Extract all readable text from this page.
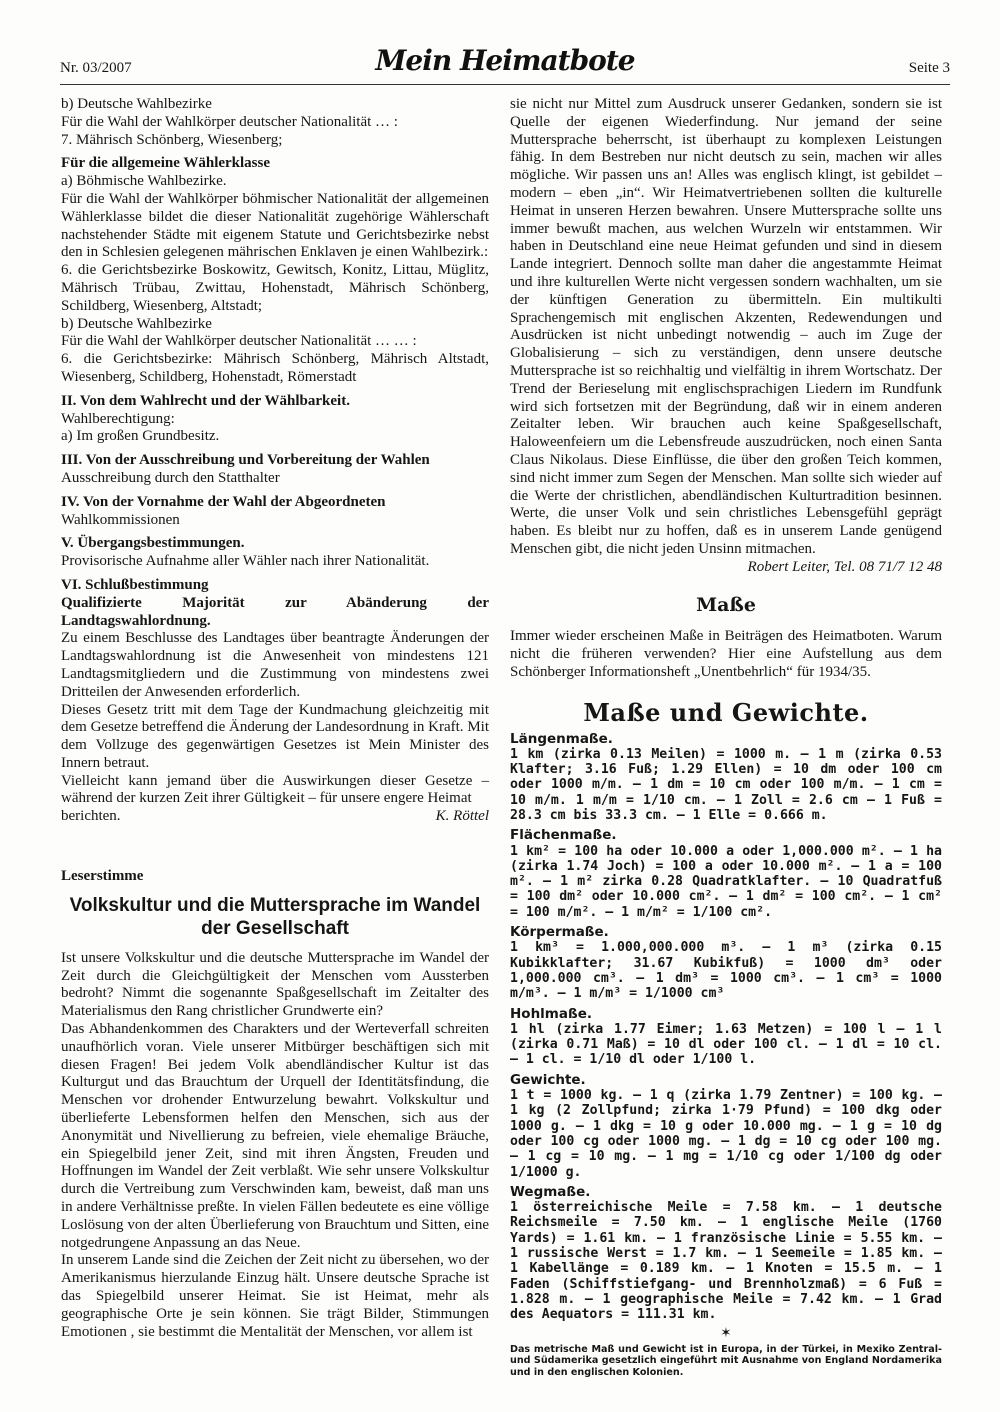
Nr. 03/2007	Mein Heimatbote	Seite 3

b) Deutsche Wahlbezirke

Für die Wahl der Wahlkörper deutscher Nationalität … :

7. Mährisch Schönberg, Wiesenberg;

Für die allgemeine Wählerklasse

a) Böhmische Wahlbezirke.

Für die Wahl der Wahlkörper böhmischer Nationalität der allgemeinen Wählerklasse bildet die dieser Nationalität zugehörige Wählerschaft nachstehender Städte mit eigenem Statute und Gerichtsbezirke nebst den in Schlesien gelegenen mährischen Enklaven je einen Wahlbezirk.:

6. die Gerichtsbezirke Boskowitz, Gewitsch, Konitz, Littau, Müglitz, Mährisch Trübau, Zwittau, Hohenstadt, Mährisch Schönberg, Schildberg, Wiesenberg, Altstadt;

b) Deutsche Wahlbezirke

Für die Wahl der Wahlkörper deutscher Nationalität … … :

6. die Gerichtsbezirke: Mährisch Schönberg, Mährisch Altstadt, Wiesenberg, Schildberg, Hohenstadt, Römerstadt

II. Von dem Wahlrecht und der Wählbarkeit.

Wahlberechtigung:

a) Im großen Grundbesitz.

III. Von der Ausschreibung und Vorbereitung der Wahlen

Ausschreibung durch den Statthalter

IV. Von der Vornahme der Wahl der Abgeordneten

Wahlkommissionen

V. Übergangsbestimmungen.

Provisorische Aufnahme aller Wähler nach ihrer Nationalität.

VI. Schlußbestimmung

Qualifizierte Majorität zur Abänderung der Landtagswahlordnung.

Zu einem Beschlusse des Landtages über beantragte Änderungen der Landtagswahlordnung ist die Anwesenheit von mindestens 121 Landtagsmitgliedern und die Zustimmung von mindestens zwei Dritteilen der Anwesenden erforderlich.

Dieses Gesetz tritt mit dem Tage der Kundmachung gleichzeitig mit dem Gesetze betreffend die Änderung der Landesordnung in Kraft. Mit dem Vollzuge des gegenwärtigen Gesetzes ist Mein Minister des Innern betraut.

Vielleicht kann jemand über die Auswirkungen dieser Gesetze – während der kurzen Zeit ihrer Gültigkeit – für unsere engere Heimat

berichten.	K. Röttel

Leserstimme

Volkskultur und die Muttersprache im Wandel der Gesellschaft

Ist unsere Volkskultur und die deutsche Muttersprache im Wandel der Zeit durch die Gleichgültigkeit der Menschen vom Aussterben bedroht? Nimmt die sogenannte Spaßgesellschaft im Zeitalter des Materialismus den Rang christlicher Grundwerte ein?

Das Abhandenkommen des Charakters und der Werteverfall schreiten unaufhörlich voran. Viele unserer Mitbürger beschäftigen sich mit diesen Fragen! Bei jedem Volk abendländischer Kultur ist das Kulturgut und das Brauchtum der Urquell der Identitätsfindung, die Menschen vor drohender Entwurzelung bewahrt. Volkskultur und überlieferte Lebensformen helfen den Menschen, sich aus der Anonymität und Nivellierung zu befreien, viele ehemalige Bräuche, ein Spiegelbild jener Zeit, sind mit ihren Ängsten, Freuden und Hoffnungen im Wandel der Zeit verblaßt. Wie sehr unsere Volkskultur durch die Vertreibung zum Verschwinden kam, beweist, daß man uns in andere Verhältnisse preßte. In vielen Fällen bedeutete es eine völlige Loslösung von der alten Überlieferung von Brauchtum und Sitten, eine notgedrungene Anpassung an das Neue.

In unserem Lande sind die Zeichen der Zeit nicht zu übersehen, wo der Amerikanismus hierzulande Einzug hält. Unsere deutsche Sprache ist das Spiegelbild unserer Heimat. Sie ist Heimat, mehr als geographische Orte je sein können. Sie trägt Bilder, Stimmungen Emotionen , sie bestimmt die Mentalität der Menschen, vor allem ist

sie nicht nur Mittel zum Ausdruck unserer Gedanken, sondern sie ist Quelle der eigenen Wiederfindung. Nur jemand der seine Muttersprache beherrscht, ist überhaupt zu komplexen Leistungen fähig. In dem Bestreben nur nicht deutsch zu sein, machen wir alles mögliche. Wir passen uns an! Alles was englisch klingt, ist gebildet – modern – eben „in“. Wir Heimatvertriebenen sollten die kulturelle Heimat in unseren Herzen bewahren. Unsere Muttersprache sollte uns immer bewußt machen, aus welchen Wurzeln wir entstammen. Wir haben in Deutschland eine neue Heimat gefunden und sind in diesem Lande integriert. Dennoch sollte man daher die angestammte Heimat und ihre kulturellen Werte nicht vergessen sondern wachhalten, um sie der künftigen Generation zu übermitteln. Ein multikulti Sprachengemisch mit englischen Akzenten, Redewendungen und Ausdrücken ist nicht unbedingt notwendig – auch im Zuge der Globalisierung – sich zu verständigen, denn unsere deutsche Muttersprache ist so reichhaltig und vielfältig in ihrem Wortschatz. Der Trend der Berieselung mit englischsprachigen Liedern im Rundfunk wird sich fortsetzen mit der Begründung, daß wir in einem anderen Zeitalter leben. Wir brauchen auch keine Spaßgesellschaft, Haloweenfeiern um die Lebensfreude auszudrücken, noch einen Santa Claus Nikolaus. Diese Einflüsse, die über den großen Teich kommen, sind nicht immer zum Segen der Menschen. Man sollte sich wieder auf die Werte der christlichen, abendländischen Kulturtradition besinnen. Werte, die unser Volk und sein christliches Lebensgefühl geprägt haben. Es bleibt nur zu hoffen, daß es in unserem Lande genügend Menschen gibt, die nicht jeden Unsinn mitmachen.

Robert Leiter, Tel. 08 71/7 12 48

Maße

Immer wieder erscheinen Maße in Beiträgen des Heimatboten. Warum nicht die früheren verwenden? Hier eine Aufstellung aus dem Schönberger Informationsheft „Unentbehrlich“ für 1934/35.

Maße und Gewichte.
Längenmaße.

1 km (zirka 0.13 Meilen) = 1000 m. — 1 m (zirka 0.53 Klafter; 3.16 Fuß; 1.29 Ellen) = 10 dm oder 100 cm oder 1000 m/m. — 1 dm = 10 cm oder 100 m/m. — 1 cm = 10 m/m. 1 m/m = 1/10 cm. — 1 Zoll = 2.6 cm — 1 Fuß = 28.3 cm bis 33.3 cm. — 1 Elle = 0.666 m.

Flächenmaße.

1 km² = 100 ha oder 10.000 a oder 1,000.000 m². — 1 ha (zirka 1.74 Joch) = 100 a oder 10.000 m². — 1 a = 100 m². — 1 m² zirka 0.28 Quadratklafter. — 10 Quadratfuß = 100 dm² oder 10.000 cm². — 1 dm² = 100 cm². — 1 cm² = 100 m/m². — 1 m/m² = 1/100 cm².

Körpermaße.

1 km³ = 1.000,000.000 m³. — 1 m³ (zirka 0.15 Kubikklafter; 31.67 Kubikfuß) = 1000 dm³ oder 1,000.000 cm³. — 1 dm³ = 1000 cm³. — 1 cm³ = 1000 m/m³. — 1 m/m³ = 1/1000 cm³

Hohlmaße.

1 hl (zirka 1.77 Eimer; 1.63 Metzen) = 100 l — 1 l (zirka 0.71 Maß) = 10 dl oder 100 cl. — 1 dl = 10 cl. — 1 cl. = 1/10 dl oder 1/100 l.

Gewichte.

1 t = 1000 kg. — 1 q (zirka 1.79 Zentner) = 100 kg. — 1 kg (2 Zollpfund; zirka 1·79 Pfund) = 100 dkg oder 1000 g. — 1 dkg = 10 g oder 10.000 mg. — 1 g = 10 dg oder 100 cg oder 1000 mg. — 1 dg = 10 cg oder 100 mg. — 1 cg = 10 mg. — 1 mg = 1/10 cg oder 1/100 dg oder 1/1000 g.

Wegmaße.

1 österreichische Meile = 7.58 km. — 1 deutsche Reichsmeile = 7.50 km. — 1 englische Meile (1760 Yards) = 1.61 km. — 1 französische Linie = 5.55 km. — 1 russische Werst = 1.7 km. — 1 Seemeile = 1.85 km. — 1 Kabellänge = 0.189 km. — 1 Knoten = 15.5 m. — 1 Faden (Schiffstiefgang- und Brennholzmaß) = 6 Fuß = 1.828 m. — 1 geographische Meile = 7.42 km. — 1 Grad des Aequators = 111.31 km.

✶
Das metrische Maß und Gewicht ist in Europa, in der Türkei, in Mexiko Zentral- und Südamerika gesetzlich eingeführt mit Ausnahme von England Nordamerika und in den englischen Kolonien.
